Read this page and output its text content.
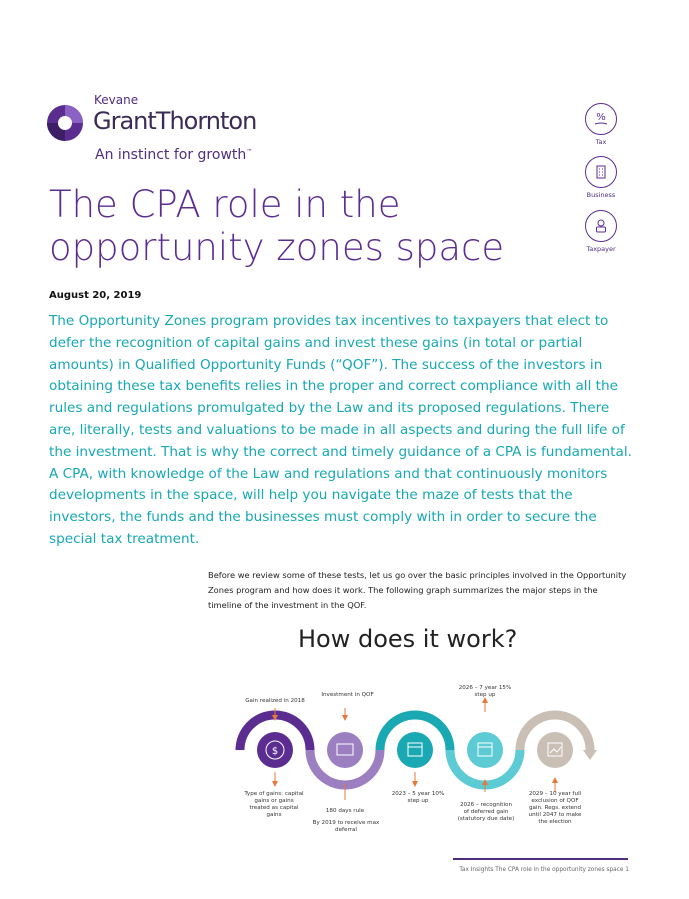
Kevane
GrantThornton
An instinct for growth™
%
Tax
Business
Taxpayer
The CPA role in the opportunity zones space
August 20, 2019
The Opportunity Zones program provides tax incentives to taxpayers that elect to defer the recognition of capital gains and invest these gains (in total or partial amounts) in Qualified Opportunity Funds (“QOF”). The success of the investors in obtaining these tax benefits relies in the proper and correct compliance with all the rules and regulations promulgated by the Law and its proposed regulations. There are, literally, tests and valuations to be made in all aspects and during the full life of the investment. That is why the correct and timely guidance of a CPA is fundamental. A CPA, with knowledge of the Law and regulations and that continuously monitors developments in the space, will help you navigate the maze of tests that the investors, the funds and the businesses must comply with in order to secure the special tax treatment.
Before we review some of these tests, let us go over the basic principles involved in the Opportunity Zones program and how does it work. The following graph summarizes the major steps in the timeline of the investment in the QOF.
How does it work?
$
Gain realized in 2018
Investment in QOF
2026 – 7 year 15% step up
Type of gains: capital gains or gains treated as capital gains
180 days rule
By 2019 to receive max deferral
2023 – 5 year 10% step up
2026 – recognition of deferred gain (statutory due date)
2029 – 10 year full exclusion of QOF gain. Regs. extend until 2047 to make the election
Tax Insights The CPA role in the opportunity zones space 1
